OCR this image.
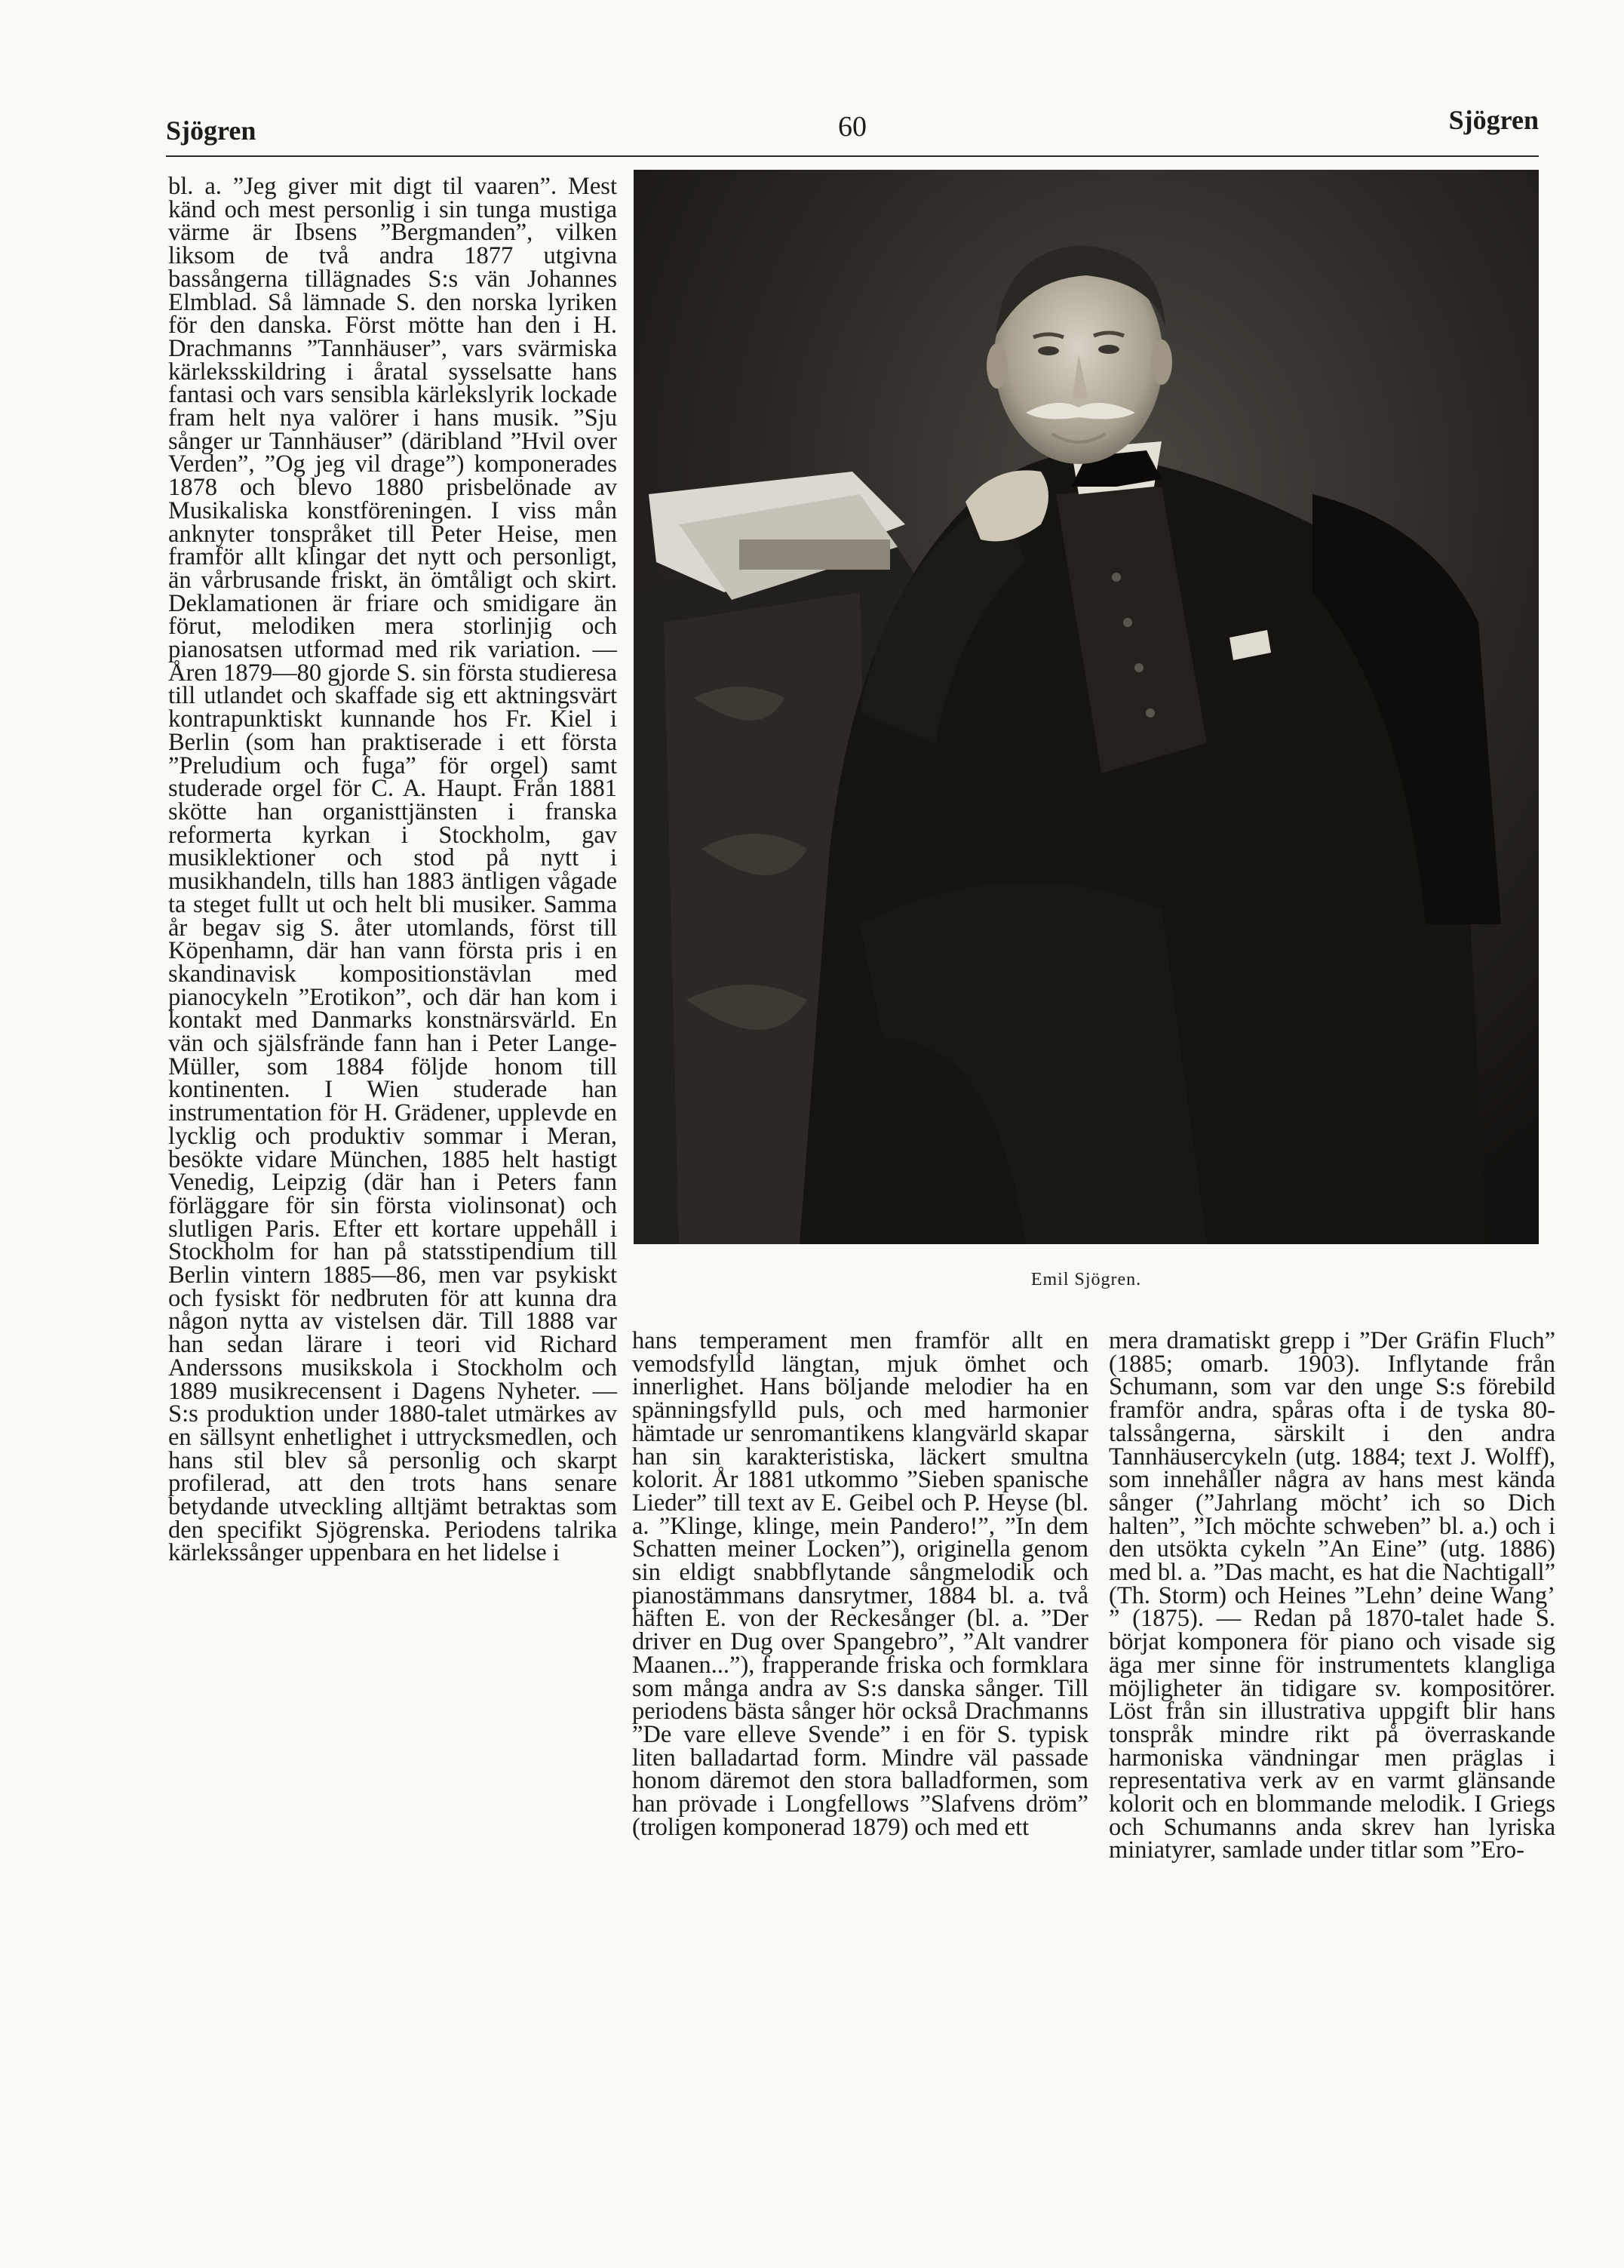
Sjögren	60	Sjögren

bl. a. ”Jeg giver mit digt til vaaren”. Mest känd och mest personlig i sin tunga mustiga värme är Ibsens ”Bergmanden”, vilken liksom de två andra 1877 utgivna bassångerna tillägnades S:s vän Johannes Elmblad. Så lämnade S. den norska lyriken för den danska. Först mötte han den i H. Drachmanns ”Tannhäuser”, vars svärmiska kärleksskildring i åratal sysselsatte hans fantasi och vars sensibla kärlekslyrik lockade fram helt nya valörer i hans musik. ”Sju sånger ur Tannhäuser” (däribland ”Hvil over Verden”, ”Og jeg vil drage”) komponerades 1878 och blevo 1880 prisbelönade av Musikaliska konstföreningen. I viss mån anknyter tonspråket till Peter Heise, men framför allt klingar det nytt och personligt, än vårbrusande friskt, än ömtåligt och skirt. Deklamationen är friare och smidigare än förut, melodiken mera storlinjig och pianosatsen utformad med rik variation. — Åren 1879—80 gjorde S. sin första studieresa till utlandet och skaffade sig ett aktningsvärt kontrapunktiskt kunnande hos Fr. Kiel i Berlin (som han praktiserade i ett första ”Preludium och fuga” för orgel) samt studerade orgel för C. A. Haupt. Från 1881 skötte han organisttjänsten i franska reformerta kyrkan i Stockholm, gav musiklektioner och stod på nytt i musikhandeln, tills han 1883 äntligen vågade ta steget fullt ut och helt bli musiker. Samma år begav sig S. åter utomlands, först till Köpenhamn, där han vann första pris i en skandinavisk kompositionstävlan med pianocykeln ”Erotikon”, och där han kom i kontakt med Danmarks konstnärsvärld. En vän och själsfrände fann han i Peter Lange-Müller, som 1884 följde honom till kontinenten. I Wien studerade han instrumentation för H. Grädener, upplevde en lycklig och produktiv sommar i Meran, besökte vidare München, 1885 helt hastigt Venedig, Leipzig (där han i Peters fann förläggare för sin första violinsonat) och slutligen Paris. Efter ett kortare uppehåll i Stockholm for han på statsstipendium till Berlin vintern 1885—86, men var psykiskt och fysiskt för nedbruten för att kunna dra någon nytta av vistelsen där. Till 1888 var han sedan lärare i teori vid Richard Anderssons musikskola i Stockholm och 1889 musikrecensent i Dagens Nyheter. — S:s produktion under 1880-talet utmärkes av en sällsynt enhetlighet i uttrycksmedlen, och hans stil blev så personlig och skarpt profilerad, att den trots hans senare betydande utveckling alltjämt betraktas som den specifikt Sjögrenska. Periodens talrika kärlekssånger uppenbara en het lidelse i

Emil Sjögren.

hans temperament men framför allt en vemodsfylld längtan, mjuk ömhet och innerlighet. Hans böljande melodier ha en spänningsfylld puls, och med harmonier hämtade ur senromantikens klangvärld skapar han sin karakteristiska, läckert smultna kolorit. År 1881 utkommo ”Sieben spanische Lieder” till text av E. Geibel och P. Heyse (bl. a. ”Klinge, klinge, mein Pandero!”, ”In dem Schatten meiner Locken”), originella genom sin eldigt snabbflytande sångmelodik och pianostämmans dansrytmer, 1884 bl. a. två häften E. von der Reckesånger (bl. a. ”Der driver en Dug over Spangebro”, ”Alt vandrer Maanen...”), frapperande friska och formklara som många andra av S:s danska sånger. Till periodens bästa sånger hör också Drachmanns ”De vare elleve Svende” i en för S. typisk liten balladartad form. Mindre väl passade honom däremot den stora balladformen, som han prövade i Longfellows ”Slafvens dröm” (troligen komponerad 1879) och med ett

mera dramatiskt grepp i ”Der Gräfin Fluch” (1885; omarb. 1903). Inflytande från Schumann, som var den unge S:s förebild framför andra, spåras ofta i de tyska 80-talssångerna, särskilt i den andra Tannhäusercykeln (utg. 1884; text J. Wolff), som innehåller några av hans mest kända sånger (”Jahrlang möcht’ ich so Dich halten”, ”Ich möchte schweben” bl. a.) och i den utsökta cykeln ”An Eine” (utg. 1886) med bl. a. ”Das macht, es hat die Nachtigall” (Th. Storm) och Heines ”Lehn’ deine Wang’ ” (1875). — Redan på 1870-talet hade S. börjat komponera för piano och visade sig äga mer sinne för instrumentets klangliga möjligheter än tidigare sv. kompositörer. Löst från sin illustrativa uppgift blir hans tonspråk mindre rikt på överraskande harmoniska vändningar men präglas i representativa verk av en varmt glänsande kolorit och en blommande melodik. I Griegs och Schumanns anda skrev han lyriska miniatyrer, samlade under titlar som ”Ero-
